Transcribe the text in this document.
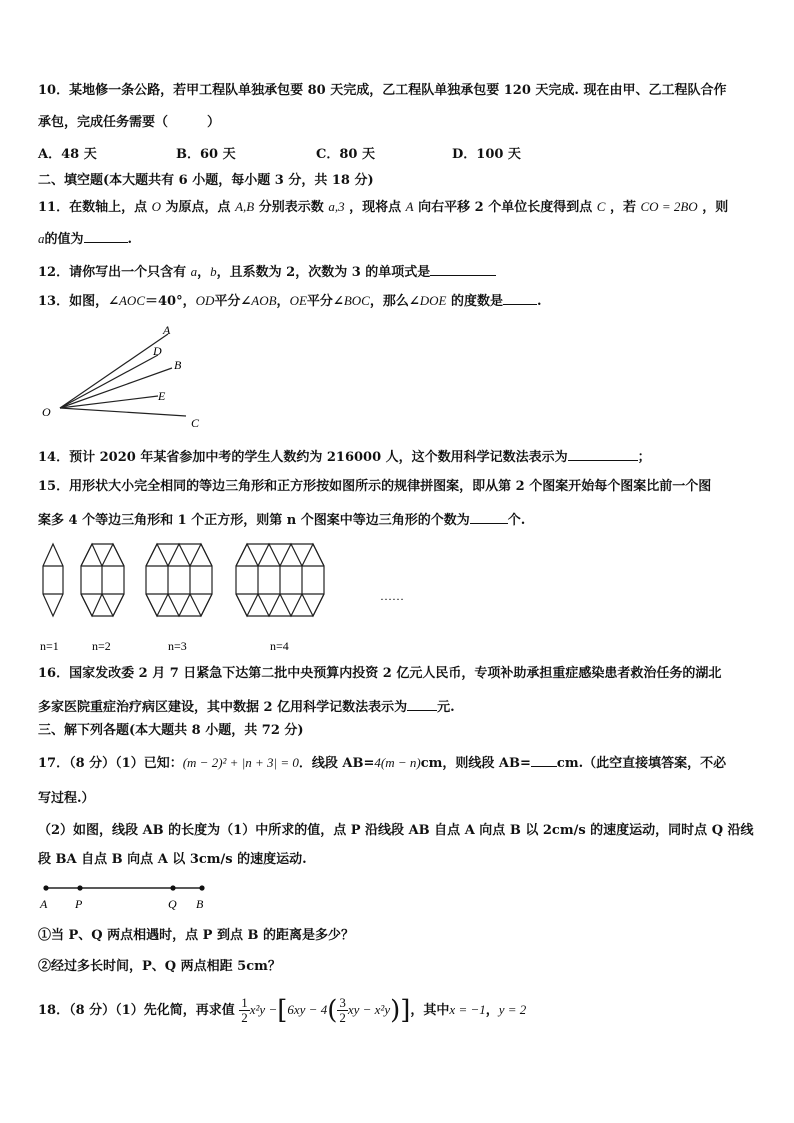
10．某地修一条公路，若甲工程队单独承包要 80 天完成，乙工程队单独承包要 120 天完成. 现在由甲、乙工程队合作
承包，完成任务需要（　　　）
A．48 天	B．60 天	C．80 天	D．100 天
二、填空题(本大题共有 6 小题，每小题 3 分，共 18 分)
11．在数轴上，点 O 为原点，点 A,B 分别表示数 a,3 ，现将点 A 向右平移 2 个单位长度得到点 C ，若 CO = 2BO ，则
a的值为	.
12．请你写出一个只含有 a，b，且系数为 2，次数为 3 的单项式是
13．如图，∠AOC＝40°，OD平分∠AOB，OE平分∠BOC，那么∠DOE 的度数是	.
A
D
B
E
O
C
14．预计 2020 年某省参加中考的学生人数约为 216000 人，这个数用科学记数法表示为	；
15．用形状大小完全相同的等边三角形和正方形按如图所示的规律拼图案，即从第 2 个图案开始每个图案比前一个图
案多 4 个等边三角形和 1 个正方形，则第 n 个图案中等边三角形的个数为	个.
……
n=1	n=2	n=3	n=4
16．国家发改委 2 月 7 日紧急下达第二批中央预算内投资 2 亿元人民币，专项补助承担重症感染患者救治任务的湖北
多家医院重症治疗病区建设，其中数据 2 亿用科学记数法表示为 元.
三、解下列各题(本大题共 8 小题，共 72 分)
17．（8 分）（1）已知：(m − 2)² + |n + 3| = 0．线段 AB=4(m − n)cm，则线段 AB= cm.（此空直接填答案，不必
写过程.）
（2）如图，线段 AB 的长度为（1）中所求的值，点 P 沿线段 AB 自点 A 向点 B 以 2cm/s 的速度运动，同时点 Q 沿线
段 BA 自点 B 向点 A 以 3cm/s 的速度运动.
A P	Q B
①当 P、Q 两点相遇时，点 P 到点 B 的距离是多少？
②经过多长时间，P、Q 两点相距 5cm？
18．（8 分）（1）先化简，再求值 $\frac{1}{2} x^2y -[6xy - 4( \frac{3}{2}$ xy − x²y)]，其中x = −1，y = 2
